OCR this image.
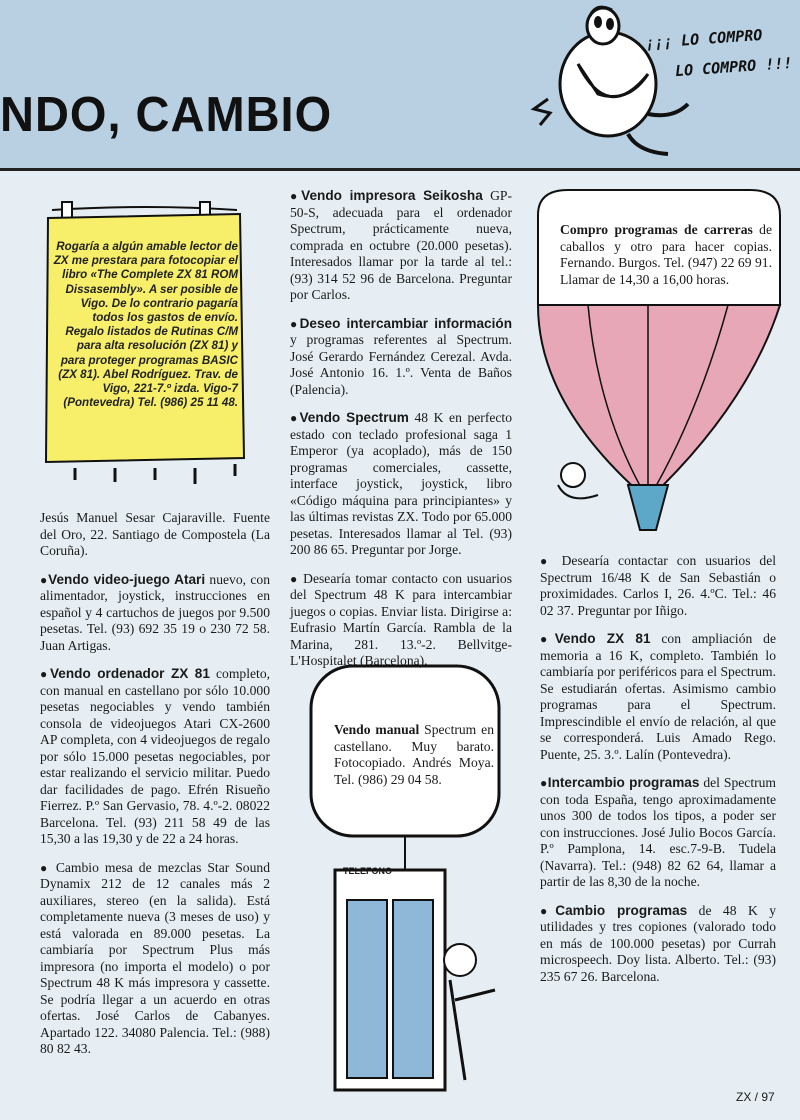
NDO, CAMBIO
¡¡¡ LO COMPRO
LO COMPRO !!!
Rogaría a algún amable lector de ZX me prestara para fotocopiar el libro «The Complete ZX 81 ROM Dissasembly». A ser posible de Vigo. De lo contrario pagaría todos los gastos de envío. Regalo listados de Rutinas C/M para alta resolución (ZX 81) y para proteger programas BASIC (ZX 81). Abel Rodríguez. Trav. de Vigo, 221-7.º izda. Vigo-7 (Pontevedra) Tel. (986) 25 11 48.
Compro programas de carreras de caballos y otro para hacer copias. Fernando. Burgos. Tel. (947) 22 69 91. Llamar de 14,30 a 16,00 horas.
TELEFONO
Vendo manual Spectrum en castellano. Muy barato. Fotocopiado. Andrés Moya. Tel. (986) 29 04 58.

Jesús Manuel Sesar Cajaraville. Fuente del Oro, 22. Santiago de Compostela (La Coruña).

●Vendo video-juego Atari nuevo, con alimentador, joystick, instrucciones en español y 4 cartuchos de juegos por 9.500 pesetas. Tel. (93) 692 35 19 o 230 72 58. Juan Artigas.

●Vendo ordenador ZX 81 completo, con manual en castellano por sólo 10.000 pesetas negociables y vendo también consola de videojuegos Atari CX-2600 AP completa, con 4 videojuegos de regalo por sólo 15.000 pesetas negociables, por estar realizando el servicio militar. Puedo dar facilidades de pago. Efrén Risueño Fierrez. P.º San Gervasio, 78. 4.º-2. 08022 Barcelona. Tel. (93) 211 58 49 de las 15,30 a las 19,30 y de 22 a 24 horas.

● Cambio mesa de mezclas Star Sound Dynamix 212 de 12 canales más 2 auxiliares, stereo (en la salida). Está completamente nueva (3 meses de uso) y está valorada en 89.000 pesetas. La cambiaría por Spectrum Plus más impresora (no importa el modelo) o por Spectrum 48 K más impresora y cassette. Se podría llegar a un acuerdo en otras ofertas. José Carlos de Cabanyes. Apartado 122. 34080 Palencia. Tel.: (988) 80 82 43.

●Vendo impresora Seikosha GP-50-S, adecuada para el ordenador Spectrum, prácticamente nueva, comprada en octubre (20.000 pesetas). Interesados llamar por la tarde al tel.: (93) 314 52 96 de Barcelona. Preguntar por Carlos.

●Deseo intercambiar información y programas referentes al Spectrum. José Gerardo Fernández Cerezal. Avda. José Antonio 16. 1.º. Venta de Baños (Palencia).

●Vendo Spectrum 48 K en perfecto estado con teclado profesional saga 1 Emperor (ya acoplado), más de 150 programas comerciales, cassette, interface joystick, joystick, libro «Código máquina para principiantes» y las últimas revistas ZX. Todo por 65.000 pesetas. Interesados llamar al Tel. (93) 200 86 65. Preguntar por Jorge.

● Desearía tomar contacto con usuarios del Spectrum 48 K para intercambiar juegos o copias. Enviar lista. Dirigirse a: Eufrasio Martín García. Rambla de la Marina, 281. 13.º-2. Bellvitge-L'Hospitalet (Barcelona).

● Desearía contactar con usuarios del Spectrum 16/48 K de San Sebastián o proximidades. Carlos I, 26. 4.ºC. Tel.: 46 02 37. Preguntar por Iñigo.

●Vendo ZX 81 con ampliación de memoria a 16 K, completo. También lo cambiaría por periféricos para el Spectrum. Se estudiarán ofertas. Asimismo cambio programas para el Spectrum. Imprescindible el envío de relación, al que se corresponderá. Luis Amado Rego. Puente, 25. 3.º. Lalín (Pontevedra).

●Intercambio programas del Spectrum con toda España, tengo aproximadamente unos 300 de todos los tipos, a poder ser con instrucciones. José Julio Bocos García. P.º Pamplona, 14. esc.7-9-B. Tudela (Navarra). Tel.: (948) 82 62 64, llamar a partir de las 8,30 de la noche.

●Cambio programas de 48 K y utilidades y tres copiones (valorado todo en más de 100.000 pesetas) por Currah microspeech. Doy lista. Alberto. Tel.: (93) 235 67 26. Barcelona.

ZX / 97
